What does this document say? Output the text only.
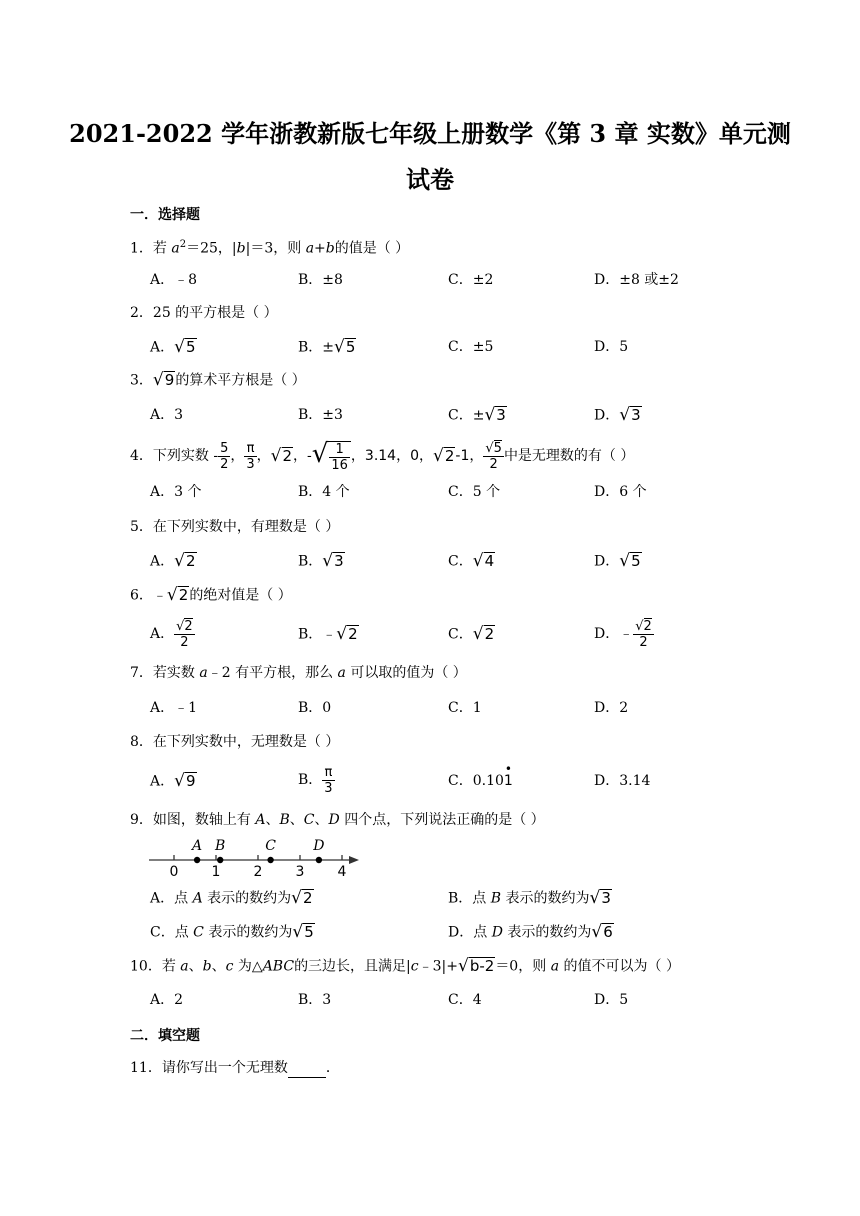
2021-2022 学年浙教新版七年级上册数学《第 3 章 实数》单元测
试卷
一．选择题
1．若 $a^2=25$，|b|＝3，则 a+b的值是（ ）
A．﹣8	B．±8	C．±2	D．±8 或±2
2．25 的平方根是（ ）
A．√5	B．±√5	C．±5	D．5
3．√9的算术平方根是（ ）
A．3	B．±3	C．±√3	D．√3
4．下列实数 - $\frac{5}{2}$ ， $\frac{\pi}{3}$ ，√2，-√ $\frac{1}{16}$ ，3.14，0，√2-1， $\frac{√5}{2}$ 中是无理数的有（ ）
A．3 个	B．4 个	C．5 个	D．6 个
5．在下列实数中，有理数是（ ）
A．√2	B．√3	C．√4	D．√5
6．﹣√2的绝对值是（ ）
A． $\frac{√2}{2}$	B．﹣√2	C．√2	D．﹣ $\frac{√2}{2}$
7．若实数 a﹣2 有平方根，那么 a 可以取的值为（ ）
A．﹣1	B．0	C．1	D．2
8．在下列实数中，无理数是（ ）
A．√9	B． $\frac{\pi}{3}$	C．0.10
•
1	D．3.14
9．如图，数轴上有 A、B、C、D 四个点，下列说法正确的是（ ）
0 1 2 3 4
A B	C	D
A．点 A 表示的数约为√2	B．点 B 表示的数约为√3
C．点 C 表示的数约为√5	D．点 D 表示的数约为√6
10．若 a、b、c 为△ABC的三边长，且满足|c﹣3|+√b-2＝0，则 a 的值不可以为（ ）
A．2	B．3	C．4	D．5
二．填空题
11．请你写出一个无理数	．
